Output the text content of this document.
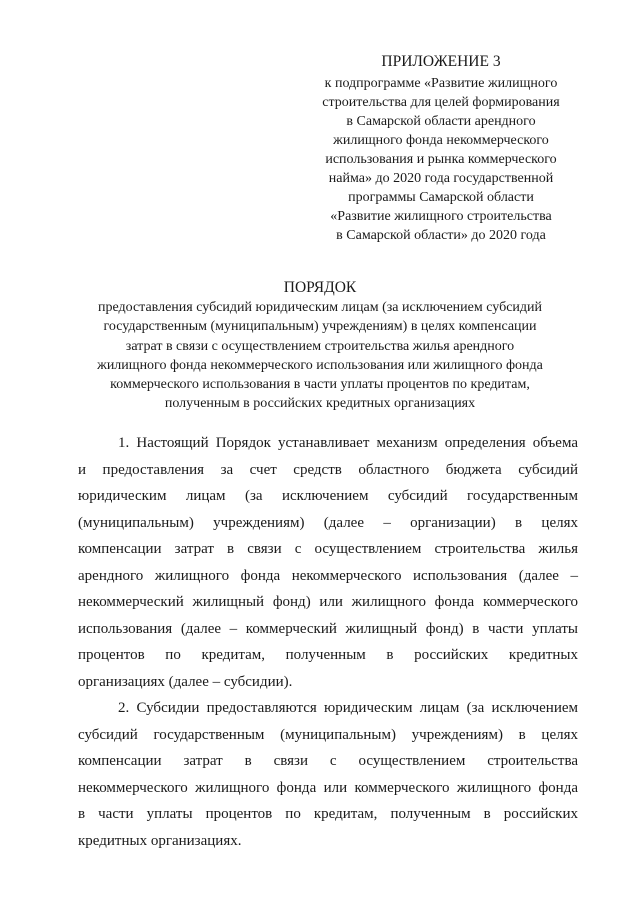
ПРИЛОЖЕНИЕ 3
к подпрограмме «Развитие жилищного
строительства для целей формирования
в Самарской области арендного
жилищного фонда некоммерческого
использования и рынка коммерческого
найма» до 2020 года государственной
программы Самарской области
«Развитие жилищного строительства
в Самарской области» до 2020 года
ПОРЯДОК
предоставления субсидий юридическим лицам (за исключением субсидий
государственным (муниципальным) учреждениям) в целях компенсации
затрат в связи с осуществлением строительства жилья арендного
жилищного фонда некоммерческого использования или жилищного фонда
коммерческого использования в части уплаты процентов по кредитам,
полученным в российских кредитных организациях
1. Настоящий Порядок устанавливает механизм определения объема
и предоставления за счет средств областного бюджета субсидий
юридическим лицам (за исключением субсидий государственным
(муниципальным) учреждениям) (далее – организации) в целях
компенсации затрат в связи с осуществлением строительства жилья
арендного жилищного фонда некоммерческого использования (далее –
некоммерческий жилищный фонд) или жилищного фонда коммерческого
использования (далее – коммерческий жилищный фонд) в части уплаты
процентов по кредитам, полученным в российских кредитных
организациях (далее – субсидии).
2. Субсидии предоставляются юридическим лицам (за исключением
субсидий государственным (муниципальным) учреждениям) в целях
компенсации затрат в связи с осуществлением строительства
некоммерческого жилищного фонда или коммерческого жилищного фонда
в части уплаты процентов по кредитам, полученным в российских
кредитных организациях.
